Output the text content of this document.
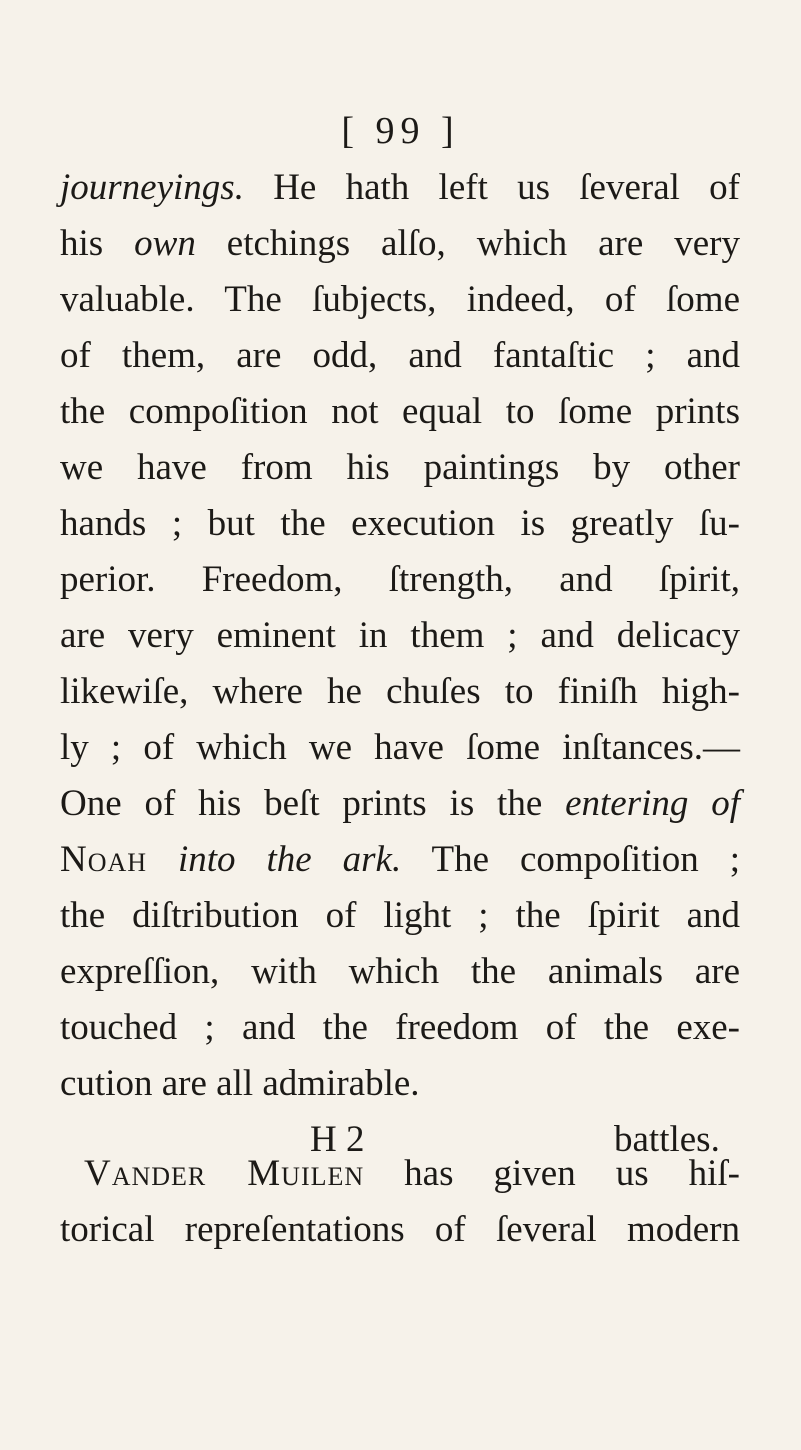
[ 99 ]
journeyings. He hath left us ſeveral of
his own etchings alſo, which are very
valuable. The ſubjects, indeed, of ſome
of them, are odd, and fantaſtic ; and
the compoſition not equal to ſome prints
we have from his paintings by other
hands ; but the execution is greatly ſu-
perior. Freedom, ſtrength, and ſpirit,
are very eminent in them ; and delicacy
likewiſe, where he chuſes to finiſh high-
ly ; of which we have ſome inſtances.—
One of his beſt prints is the entering of
Noah into the ark. The compoſition ;
the diſtribution of light ; the ſpirit and
expreſſion, with which the animals are
touched ; and the freedom of the exe-
cution are all admirable.
Vander Muilen has given us hiſ-
torical repreſentations of ſeveral modern
H 2	battles.
